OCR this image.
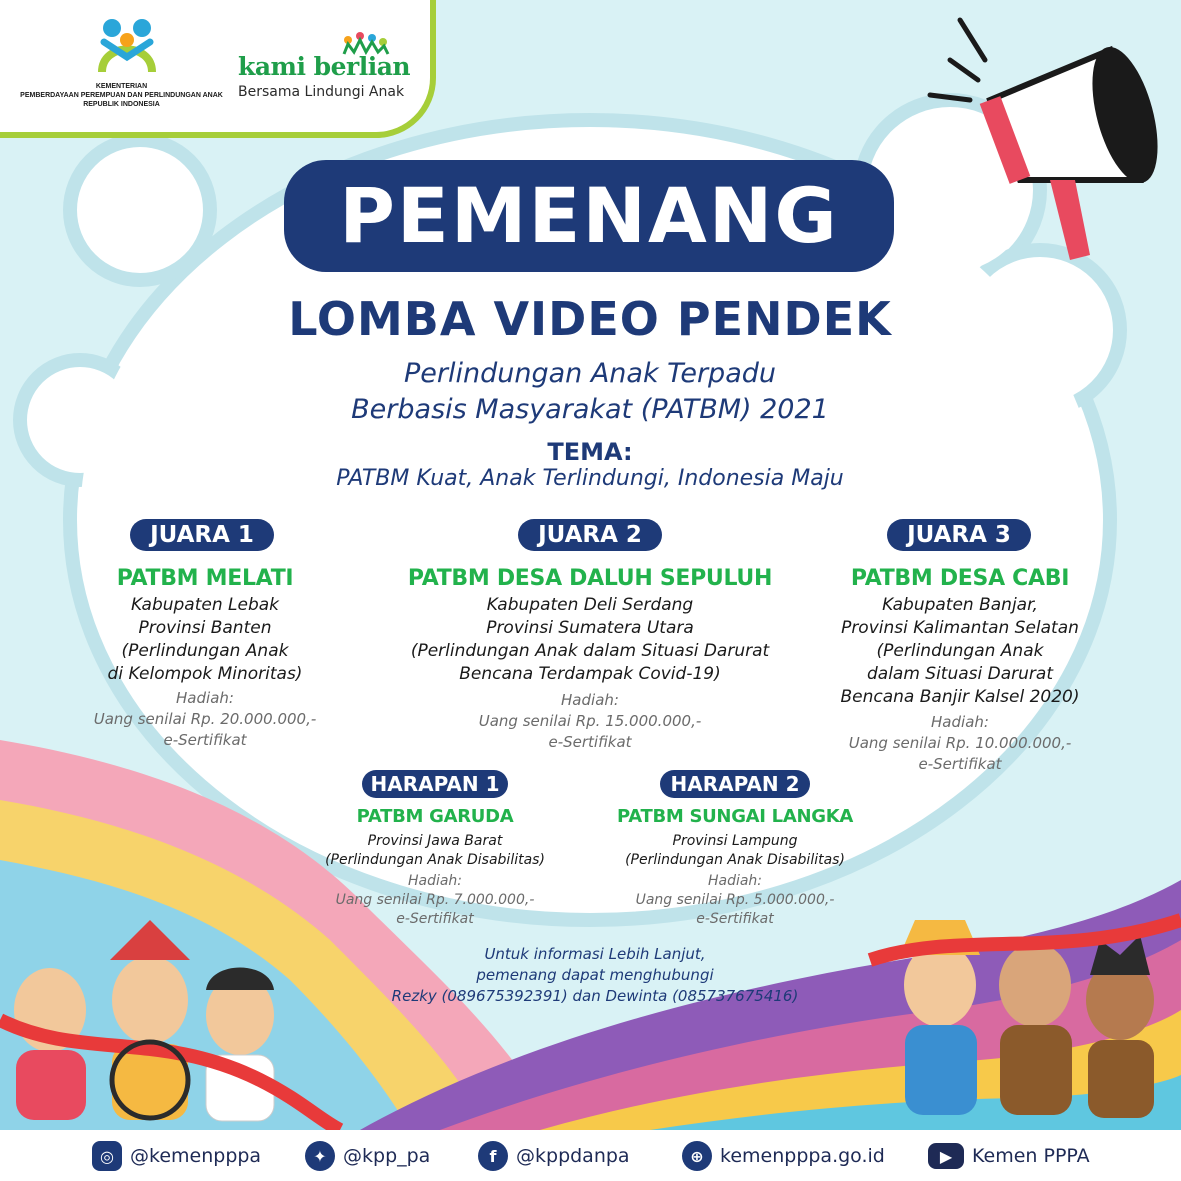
KEMENTERIAN
PEMBERDAYAAN PEREMPUAN DAN PERLINDUNGAN ANAK
REPUBLIK INDONESIA
kami berlian
Bersama Lindungi Anak
PEMENANG
LOMBA VIDEO PENDEK
Perlindungan Anak Terpadu
Berbasis Masyarakat (PATBM) 2021
TEMA:
PATBM Kuat, Anak Terlindungi, Indonesia Maju
JUARA 1
PATBM MELATI
Kabupaten Lebak
Provinsi Banten
(Perlindungan Anak
di Kelompok Minoritas)
Hadiah:
Uang senilai Rp. 20.000.000,-
e-Sertifikat
JUARA 2
PATBM DESA DALUH SEPULUH
Kabupaten Deli Serdang
Provinsi Sumatera Utara
(Perlindungan Anak dalam Situasi Darurat
Bencana Terdampak Covid-19)
Hadiah:
Uang senilai Rp. 15.000.000,-
e-Sertifikat
JUARA 3
PATBM DESA CABI
Kabupaten Banjar,
Provinsi Kalimantan Selatan
(Perlindungan Anak
dalam Situasi Darurat
Bencana Banjir Kalsel 2020)
Hadiah:
Uang senilai Rp. 10.000.000,-
e-Sertifikat
HARAPAN 1
PATBM GARUDA
Provinsi Jawa Barat
(Perlindungan Anak Disabilitas)
Hadiah:
Uang senilai Rp. 7.000.000,-
e-Sertifikat
HARAPAN 2
PATBM SUNGAI LANGKA
Provinsi Lampung
(Perlindungan Anak Disabilitas)
Hadiah:
Uang senilai Rp. 5.000.000,-
e-Sertifikat
Untuk informasi Lebih Lanjut,
pemenang dapat menghubungi
Rezky (089675392391) dan Dewinta (085737675416)
◎ @kemenpppa	✦ @kpp_pa	f	@kppdanpa	⊕ kemenpppa.go.id	▶	Kemen PPPA
